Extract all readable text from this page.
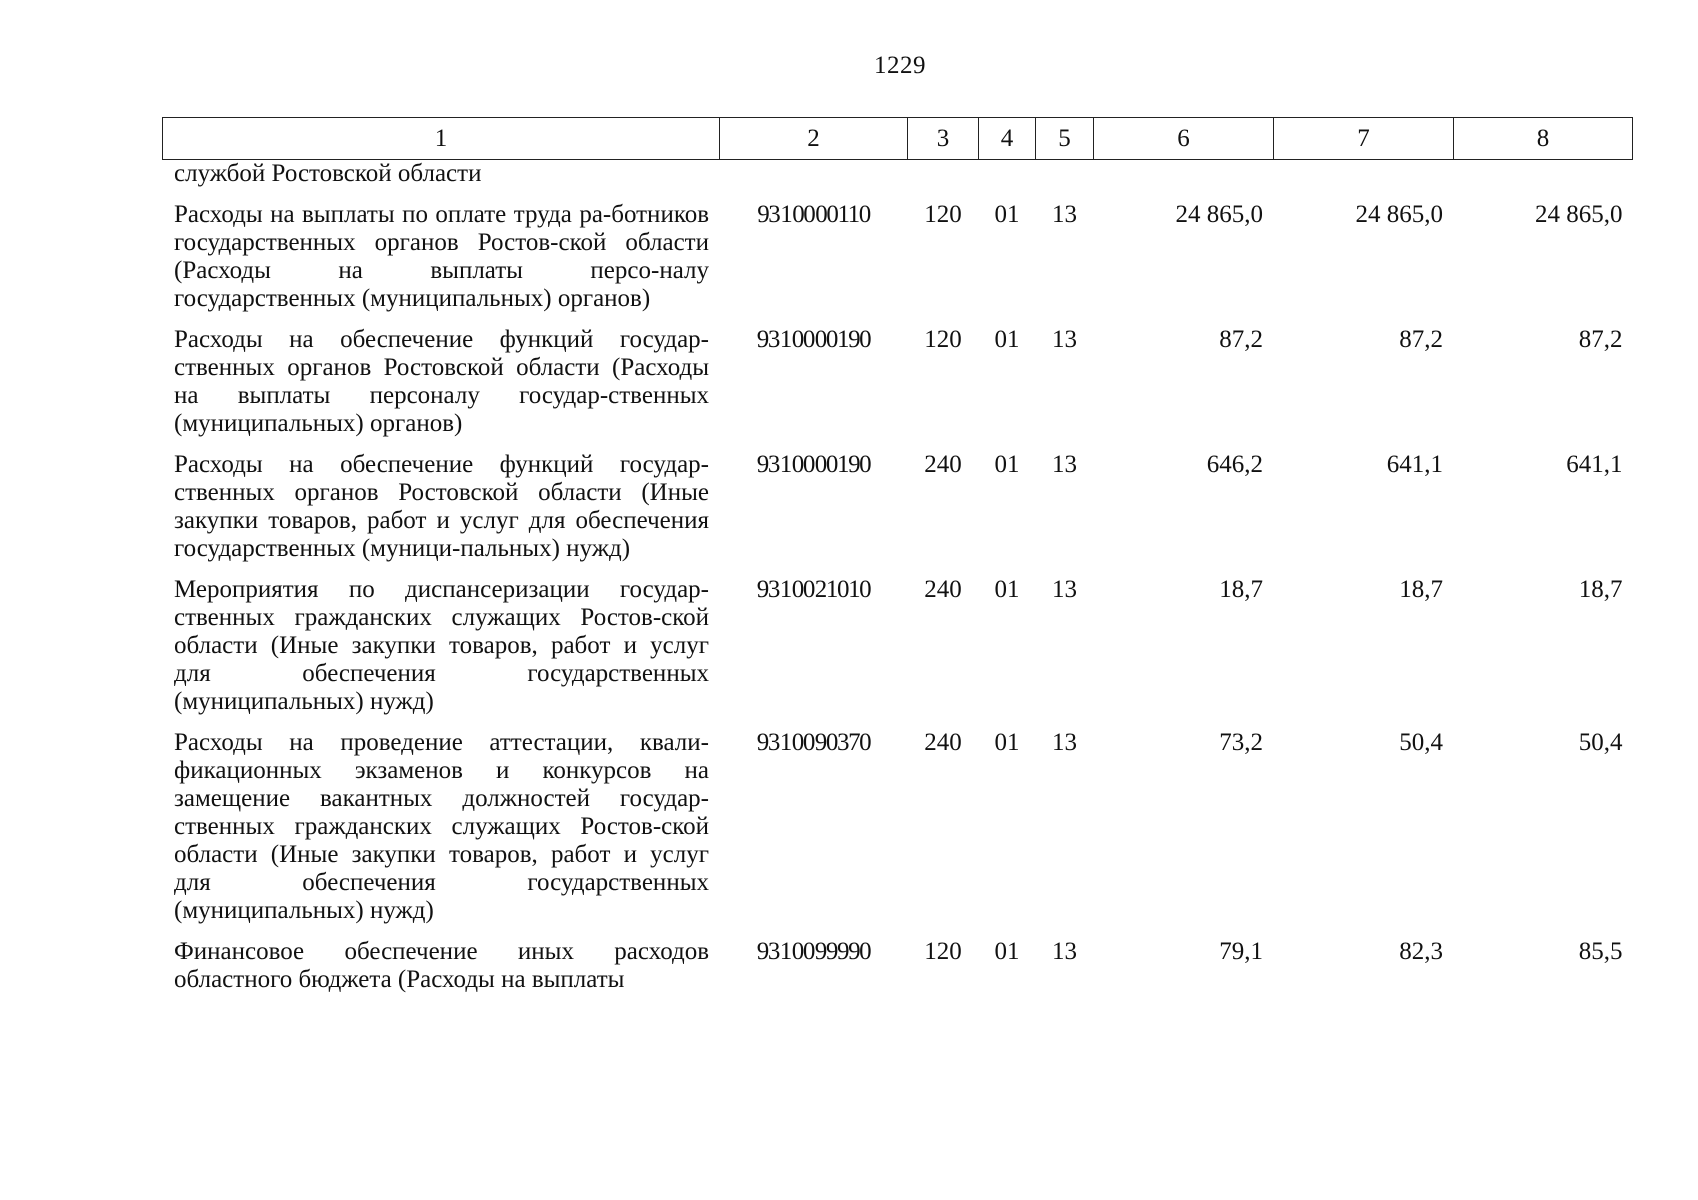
1229
1	2	3	4	5	6	7	8
службой Ростовской области							
Расходы на выплаты по оплате труда ра-ботников государственных органов Ростов-ской области (Расходы на выплаты персо-налу государственных (муниципальных) органов)	93 1 00 00110	120	01	13	24 865,0	24 865,0	24 865,0
Расходы на обеспечение функций государ-ственных органов Ростовской области (Расходы на выплаты персоналу государ-ственных (муниципальных) органов)	93 1 00 00190	120	01	13	87,2	87,2	87,2
Расходы на обеспечение функций государ-ственных органов Ростовской области (Иные закупки товаров, работ и услуг для обеспечения государственных (муници-пальных) нужд)	93 1 00 00190	240	01	13	646,2	641,1	641,1
Мероприятия по диспансеризации государ-ственных гражданских служащих Ростов-ской области (Иные закупки товаров, работ и услуг для обеспечения государственных (муниципальных) нужд)	93 1 00 21010	240	01	13	18,7	18,7	18,7
Расходы на проведение аттестации, квали-фикационных экзаменов и конкурсов на замещение вакантных должностей государ-ственных гражданских служащих Ростов-ской области (Иные закупки товаров, работ и услуг для обеспечения государственных (муниципальных) нужд)	93 1 00 90370	240	01	13	73,2	50,4	50,4
Финансовое обеспечение иных расходов областного бюджета (Расходы на выплаты	93 1 00 99990	120	01	13	79,1	82,3	85,5
